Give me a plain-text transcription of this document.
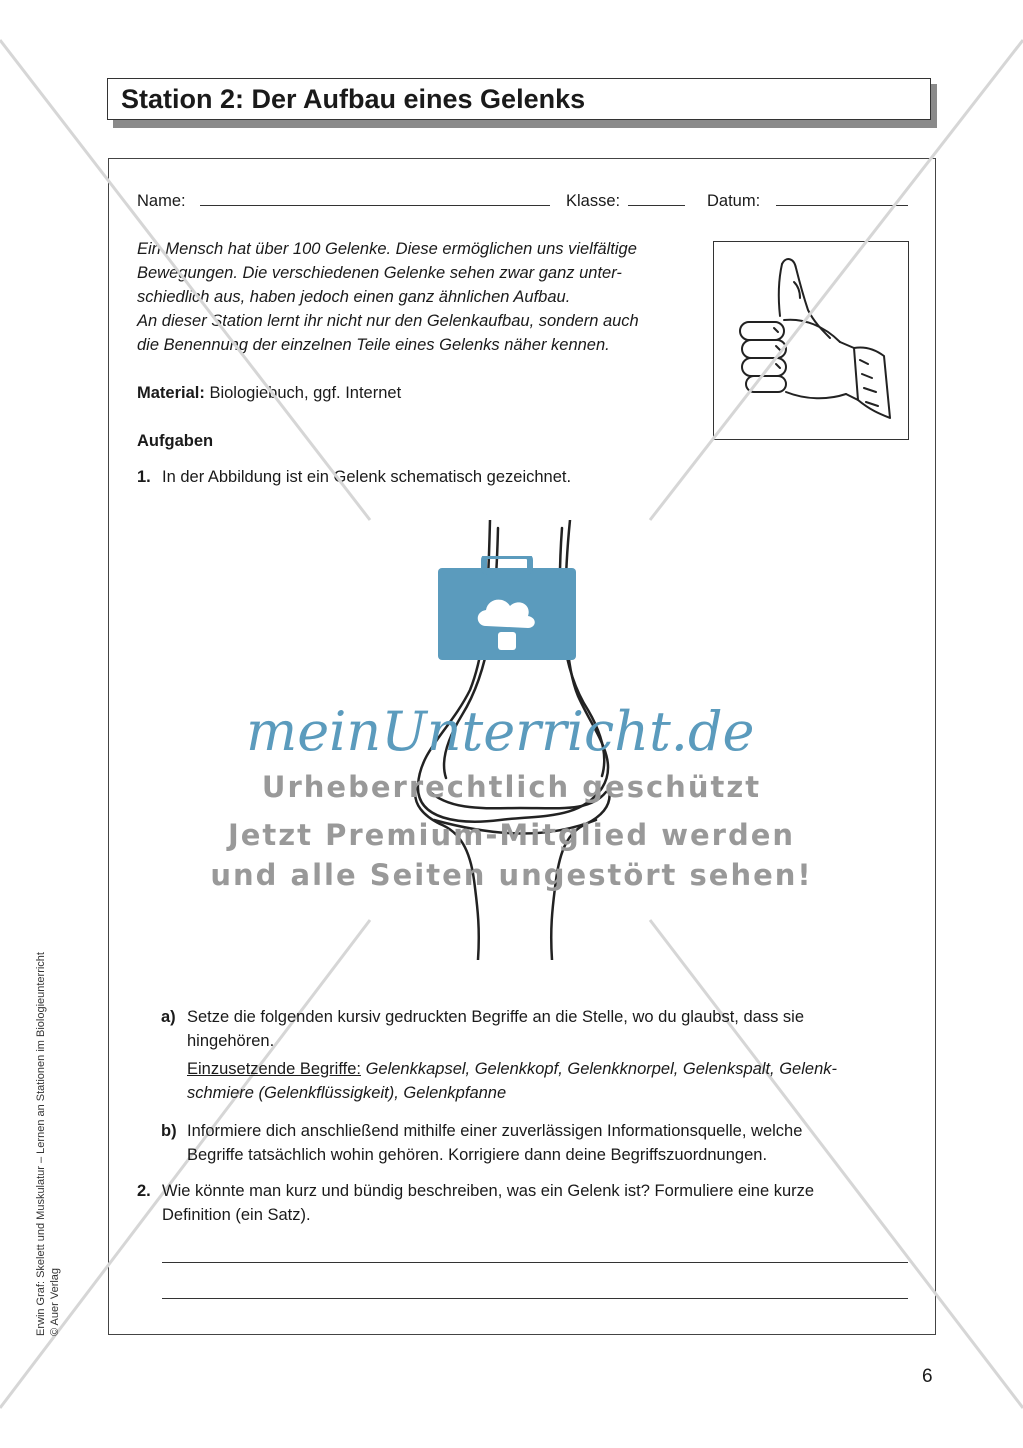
Station 2: Der Aufbau eines Gelenks
Name:	Klasse:	Datum:
Ein Mensch hat über 100 Gelenke. Diese ermöglichen uns vielfältige
Bewegungen. Die verschiedenen Gelenke sehen zwar ganz unter-
schiedlich aus, haben jedoch einen ganz ähnlichen Aufbau.
An dieser Station lernt ihr nicht nur den Gelenkaufbau, sondern auch
die Benennung der einzelnen Teile eines Gelenks näher kennen.
Material: Biologiebuch, ggf. Internet
Aufgaben
1. In der Abbildung ist ein Gelenk schematisch gezeichnet.
meinUnterricht.de
Urheberrechtlich geschützt
Jetzt Premium-Mitglied werden
und alle Seiten ungestört sehen!
a) Setze die folgenden kursiv gedruckten Begriffe an die Stelle, wo du glaubst, dass sie
hingehören.
Einzusetzende Begriffe: Gelenkkapsel, Gelenkkopf, Gelenkknorpel, Gelenkspalt, Gelenk-
schmiere (Gelenkflüssigkeit), Gelenkpfanne
b) Informiere dich anschließend mithilfe einer zuverlässigen Informationsquelle, welche
Begriffe tatsächlich wohin gehören. Korrigiere dann deine Begriffszuordnungen.
2. Wie könnte man kurz und bündig beschreiben, was ein Gelenk ist? Formuliere eine kurze
Definition (ein Satz).
Erwin Graf: Skelett und Muskulatur – Lernen an Stationen im Biologieunterricht © Auer Verlag
6
